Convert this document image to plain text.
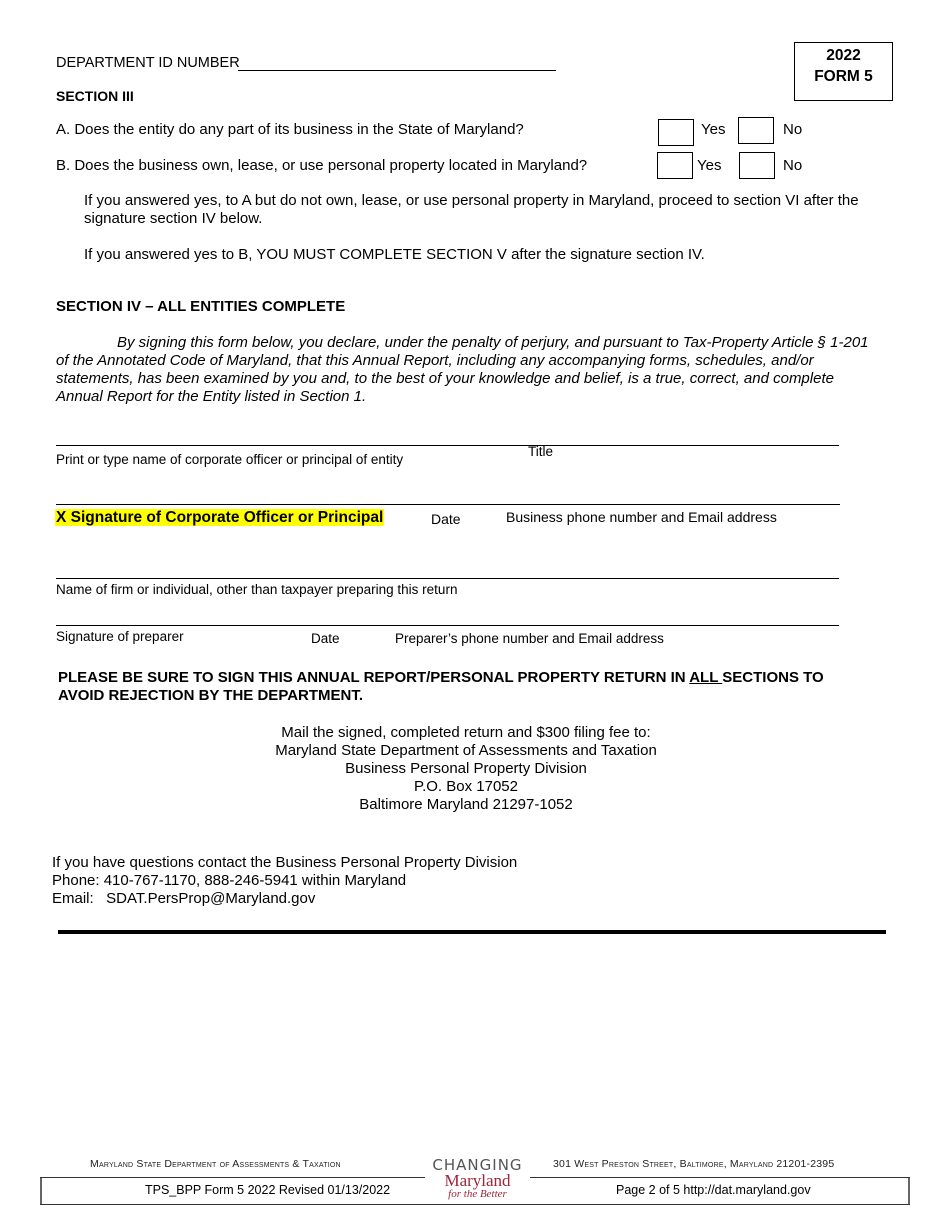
DEPARTMENT ID NUMBER	2022
FORM 5
SECTION III
A. Does the entity do any part of its business in the State of Maryland?	Yes	No
B. Does the business own, lease, or use personal property located in Maryland?	Yes	No
If you answered yes, to A but do not own, lease, or use personal property in Maryland, proceed to section VI after the signature section IV below.
If you answered yes to B, YOU MUST COMPLETE SECTION V after the signature section IV.
SECTION IV – ALL ENTITIES COMPLETE
By signing this form below, you declare, under the penalty of perjury, and pursuant to Tax-Property Article § 1-201 of the Annotated Code of Maryland, that this Annual Report, including any accompanying forms, schedules, and/or statements, has been examined by you and, to the best of your knowledge and belief, is a true, correct, and complete Annual Report for the Entity listed in Section 1.
Print or type name of corporate officer or principal of entity
Title
X Signature of Corporate Officer or Principal	Date	Business phone number and Email address
Name of firm or individual, other than taxpayer preparing this return
Signature of preparer	Date	Preparer’s phone number and Email address
PLEASE BE SURE TO SIGN THIS ANNUAL REPORT/PERSONAL PROPERTY RETURN IN ALL SECTIONS TO
AVOID REJECTION BY THE DEPARTMENT.
Mail the signed, completed return and $300 filing fee to:
Maryland State Department of Assessments and Taxation
Business Personal Property Division
P.O. Box 17052
Baltimore Maryland 21297-1052
If you have questions contact the Business Personal Property Division
Phone: 410-767-1170, 888-246-5941 within Maryland
Email:   SDAT.PersProp@Maryland.gov
Maryland State Department of Assessments & Taxation	301 West Preston Street, Baltimore, Maryland 21201-2395
TPS_BPP Form 5 2022 Revised 01/13/2022	Page 2 of 5 http://dat.maryland.gov
CHANGING
Maryland
for the Better
